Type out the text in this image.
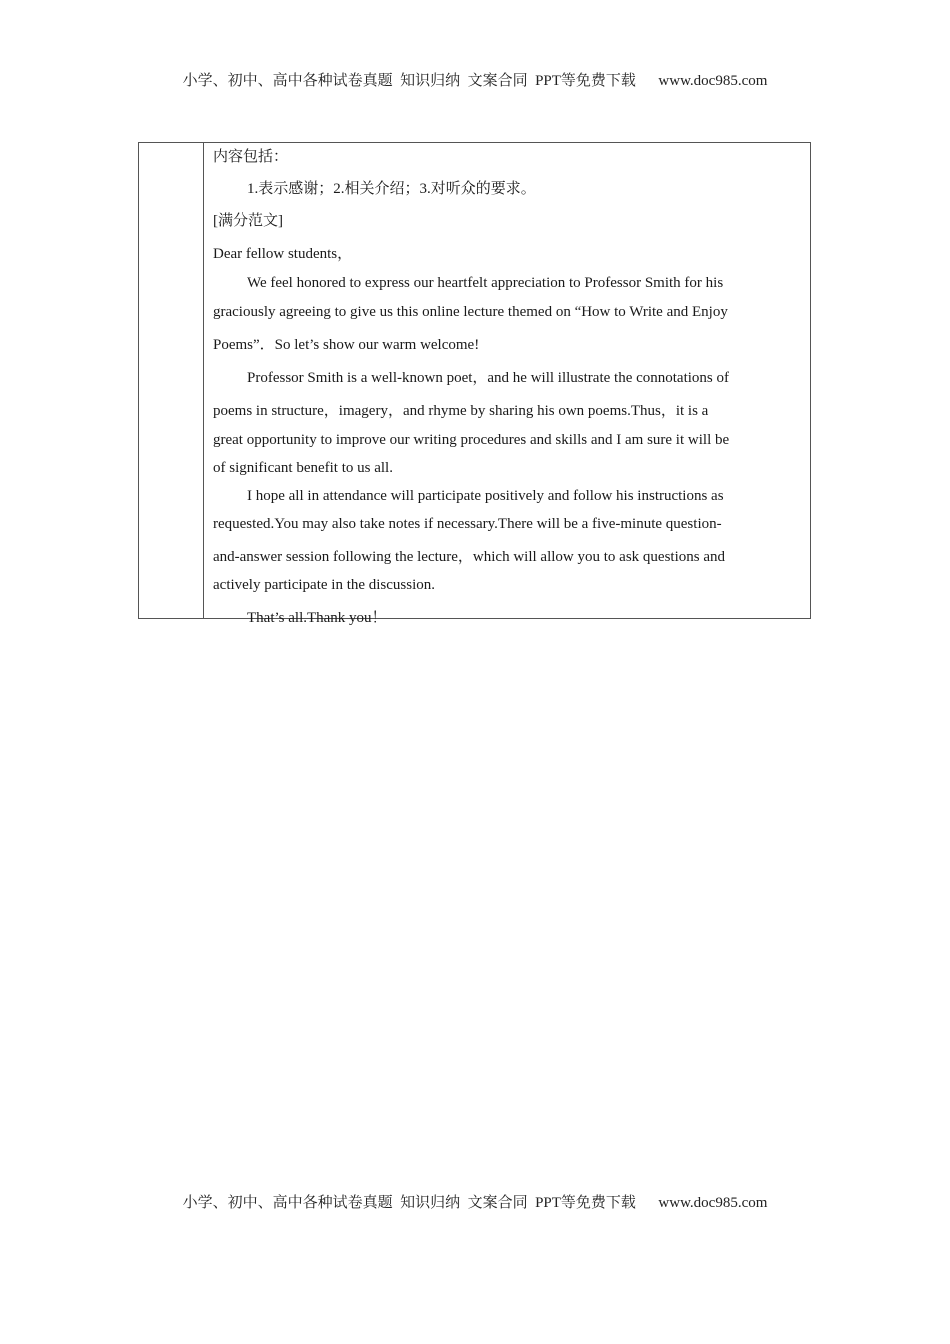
小学、初中、高中各种试卷真题  知识归纳  文案合同  PPT等免费下载      www.doc985.com
内容包括：
1.表示感谢；2.相关介绍；3.对听众的要求。
[满分范文]
Dear fellow students，
We feel honored to express our heartfelt appreciation to Professor Smith for his
graciously agreeing to give us this online lecture themed on “How to Write and Enjoy
Poems”．So let’s show our warm welcome!
Professor Smith is a well-known poet，and he will illustrate the connotations of
poems in structure，imagery，and rhyme by sharing his own poems.Thus，it is a
great opportunity to improve our writing procedures and skills and I am sure it will be
of significant benefit to us all.
I hope all in attendance will participate positively and follow his instructions as
requested.You may also take notes if necessary.There will be a five-minute question-
and-answer session following the lecture，which will allow you to ask questions and
actively participate in the discussion.
That’s all.Thank you！
小学、初中、高中各种试卷真题  知识归纳  文案合同  PPT等免费下载      www.doc985.com
